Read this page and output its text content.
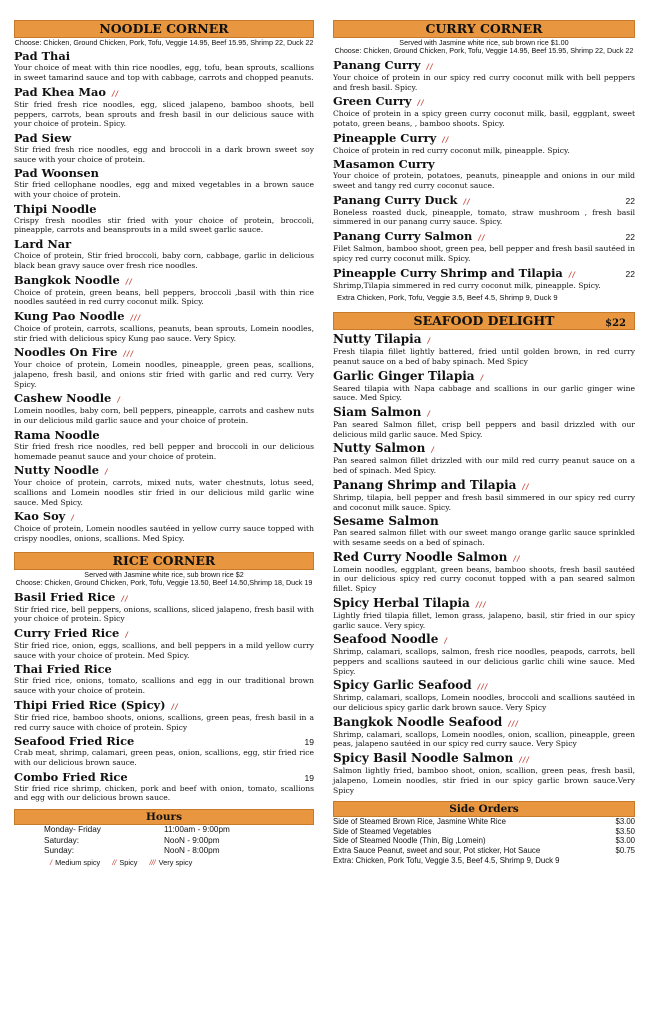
NOODLE CORNER
Choose: Chicken, Ground Chicken, Pork, Tofu, Veggie 14.95, Beef 15.95, Shrimp 22, Duck 22
Pad Thai
Your choice of meat with thin rice noodles, egg, tofu, bean sprouts, scallions in sweet tamarind sauce and top with cabbage, carrots and chopped peanuts.
Pad Khea Mao //
Stir fried fresh rice noodles, egg, sliced jalapeno, bamboo shoots, bell peppers, carrots, bean sprouts and fresh basil in our delicious sauce with your choice of protein. Spicy.
Pad Siew
Stir fried fresh rice noodles, egg and broccoli in a dark brown sweet soy sauce with your choice of protein.
Pad Woonsen
Stir fried cellophane noodles, egg and mixed vegetables in a brown sauce with your choice of protein.
Thipi Noodle
Crispy fresh noodles stir fried with your choice of protein, broccoli, pineapple, carrots and beansprouts in a mild sweet garlic sauce.
Lard Nar
Choice of protein, Stir fried broccoli, baby corn, cabbage, garlic in delicious black bean gravy sauce over fresh rice noodles.
Bangkok Noodle //
Choice of protein, green beans, bell peppers, broccoli ,basil with thin rice noodles sautéed in red curry coconut milk. Spicy.
Kung Pao Noodle ///
Choice of protein, carrots, scallions, peanuts, bean sprouts, Lomein noodles, stir fried with delicious spicy Kung pao sauce. Very Spicy.
Noodles On Fire ///
Your choice of protein, Lomein noodles, pineapple, green peas, scallions, jalapeno, fresh basil, and onions stir fried with garlic and red curry. Very Spicy.
Cashew Noodle /
Lomein noodles, baby corn, bell peppers, pineapple, carrots and cashew nuts in our delicious mild garlic sauce and your choice of protein.
Rama Noodle
Stir fried fresh rice noodles, red bell pepper and broccoli in our delicious homemade peanut sauce and your choice of protein.
Nutty Noodle /
Your choice of protein, carrots, mixed nuts, water chestnuts, lotus seed, scallions and Lomein noodles stir fried in our delicious mild garlic wine sauce. Med Spicy.
Kao Soy /
Choice of protein, Lomein noodles sautéed in yellow curry sauce topped with crispy noodles, onions, scallions. Med Spicy.
RICE CORNER
Served with Jasmine white rice, sub brown rice $2
Choose: Chicken, Ground Chicken, Pork, Tofu, Veggie 13.50, Beef 14.50,Shrimp 18, Duck 19
Basil Fried Rice //
Stir fried rice, bell peppers, onions, scallions, sliced jalapeno, fresh basil with your choice of protein. Spicy
Curry Fried Rice /
Stir fried rice, onion, eggs, scallions, and bell peppers in a mild yellow curry sauce with your choice of protein. Med Spicy.
Thai Fried Rice
Stir fried rice, onions, tomato, scallions and egg in our traditional brown sauce with your choice of protein.
Thipi Fried Rice (Spicy) //
Stir fried rice, bamboo shoots, onions, scallions, green peas, fresh basil in a red curry sauce with choice of protein. Spicy
Seafood Fried Rice	19
Crab meat, shrimp, calamari, green peas, onion, scallions, egg, stir fried rice with our delicious brown sauce.
Combo Fried Rice	19
Stir fried rice shrimp, chicken, pork and beef with onion, tomato, scallions and egg with our delicious brown sauce.
Hours
Monday- Friday	11:00am - 9:00pm
Saturday:	NooN - 9:00pm
Sunday:	NooN - 8:00pm
/ Medium spicy // Spicy /// Very spicy
CURRY CORNER
Served with Jasmine white rice, sub brown rice $1.00
Choose: Chicken, Ground Chicken, Pork, Tofu, Veggie 14.95, Beef 15.95, Shrimp 22, Duck 22
Panang Curry //
Your choice of protein in our spicy red curry coconut milk with bell peppers and fresh basil. Spicy.
Green Curry //
Choice of protein in a spicy green curry coconut milk, basil, eggplant, sweet potato, green beans, , bamboo shoots. Spicy.
Pineapple Curry //
Choice of protein in red curry coconut milk, pineapple. Spicy.
Masamon Curry
Your choice of protein, potatoes, peanuts, pineapple and onions in our mild sweet and tangy red curry coconut sauce.
Panang Curry Duck //	22
Boneless roasted duck, pineapple, tomato, straw mushroom , fresh basil simmered in our panang curry sauce. Spicy.
Panang Curry Salmon //	22
Filet Salmon, bamboo shoot, green pea, bell pepper and fresh basil sautéed in spicy red curry coconut milk. Spicy.
Pineapple Curry Shrimp and Tilapia //	22
Shrimp,Tilapia simmered in red curry coconut milk, pineapple. Spicy.
Extra Chicken, Pork, Tofu, Veggie 3.5, Beef 4.5, Shrimp 9, Duck 9
SEAFOOD DELIGHT	$22
Nutty Tilapia /
Fresh tilapia fillet lightly battered, fried until golden brown, in red curry peanut sauce on a bed of baby spinach. Med Spicy
Garlic Ginger Tilapia /
Seared tilapia with Napa cabbage and scallions in our garlic ginger wine sauce. Med Spicy.
Siam Salmon /
Pan seared Salmon fillet, crisp bell peppers and basil drizzled with our delicious mild garlic sauce. Med Spicy.
Nutty Salmon /
Pan seared salmon fillet drizzled with our mild red curry peanut sauce on a bed of spinach. Med Spicy.
Panang Shrimp and Tilapia //
Shrimp, tilapia, bell pepper and fresh basil simmered in our spicy red curry and coconut milk sauce. Spicy.
Sesame Salmon
Pan seared salmon fillet with our sweet mango orange garlic sauce sprinkled with sesame seeds on a bed of spinach.
Red Curry Noodle Salmon //
Lomein noodles, eggplant, green beans, bamboo shoots, fresh basil sautéed in our delicious spicy red curry coconut topped with a pan seared salmon fillet. Spicy
Spicy Herbal Tilapia ///
Lightly fried tilapia fillet, lemon grass, jalapeno, basil, stir fried in our spicy garlic sauce. Very spicy.
Seafood Noodle /
Shrimp, calamari, scallops, salmon, fresh rice noodles, peapods, carrots, bell peppers and scallions sauteed in our delicious garlic chili wine sauce. Med Spicy.
Spicy Garlic Seafood ///
Shrimp, calamari, scallops, Lomein noodles, broccoli and scallions sautéed in our delicious spicy garlic dark brown sauce. Very Spicy
Bangkok Noodle Seafood ///
Shrimp, calamari, scallops, Lomein noodles, onion, scallion, pineapple, green peas, jalapeno sautéed in our spicy red curry sauce. Very Spicy
Spicy Basil Noodle Salmon ///
Salmon lightly fried, bamboo shoot, onion, scallion, green peas, fresh basil, jalapeno, Lomein noodles, stir fried in our spicy garlic brown sauce.Very Spicy
Side Orders
Side of Steamed Brown Rice, Jasmine White Rice	$3.00
Side of Steamed Vegetables	$3.50
Side of Steamed Noodle (Thin, Big ,Lomein)	$3.00
Extra Sauce Peanut, sweet and sour, Pot sticker, Hot Sauce	$0.75
Extra: Chicken, Pork Tofu, Veggie 3.5, Beef 4.5, Shrimp 9, Duck 9
